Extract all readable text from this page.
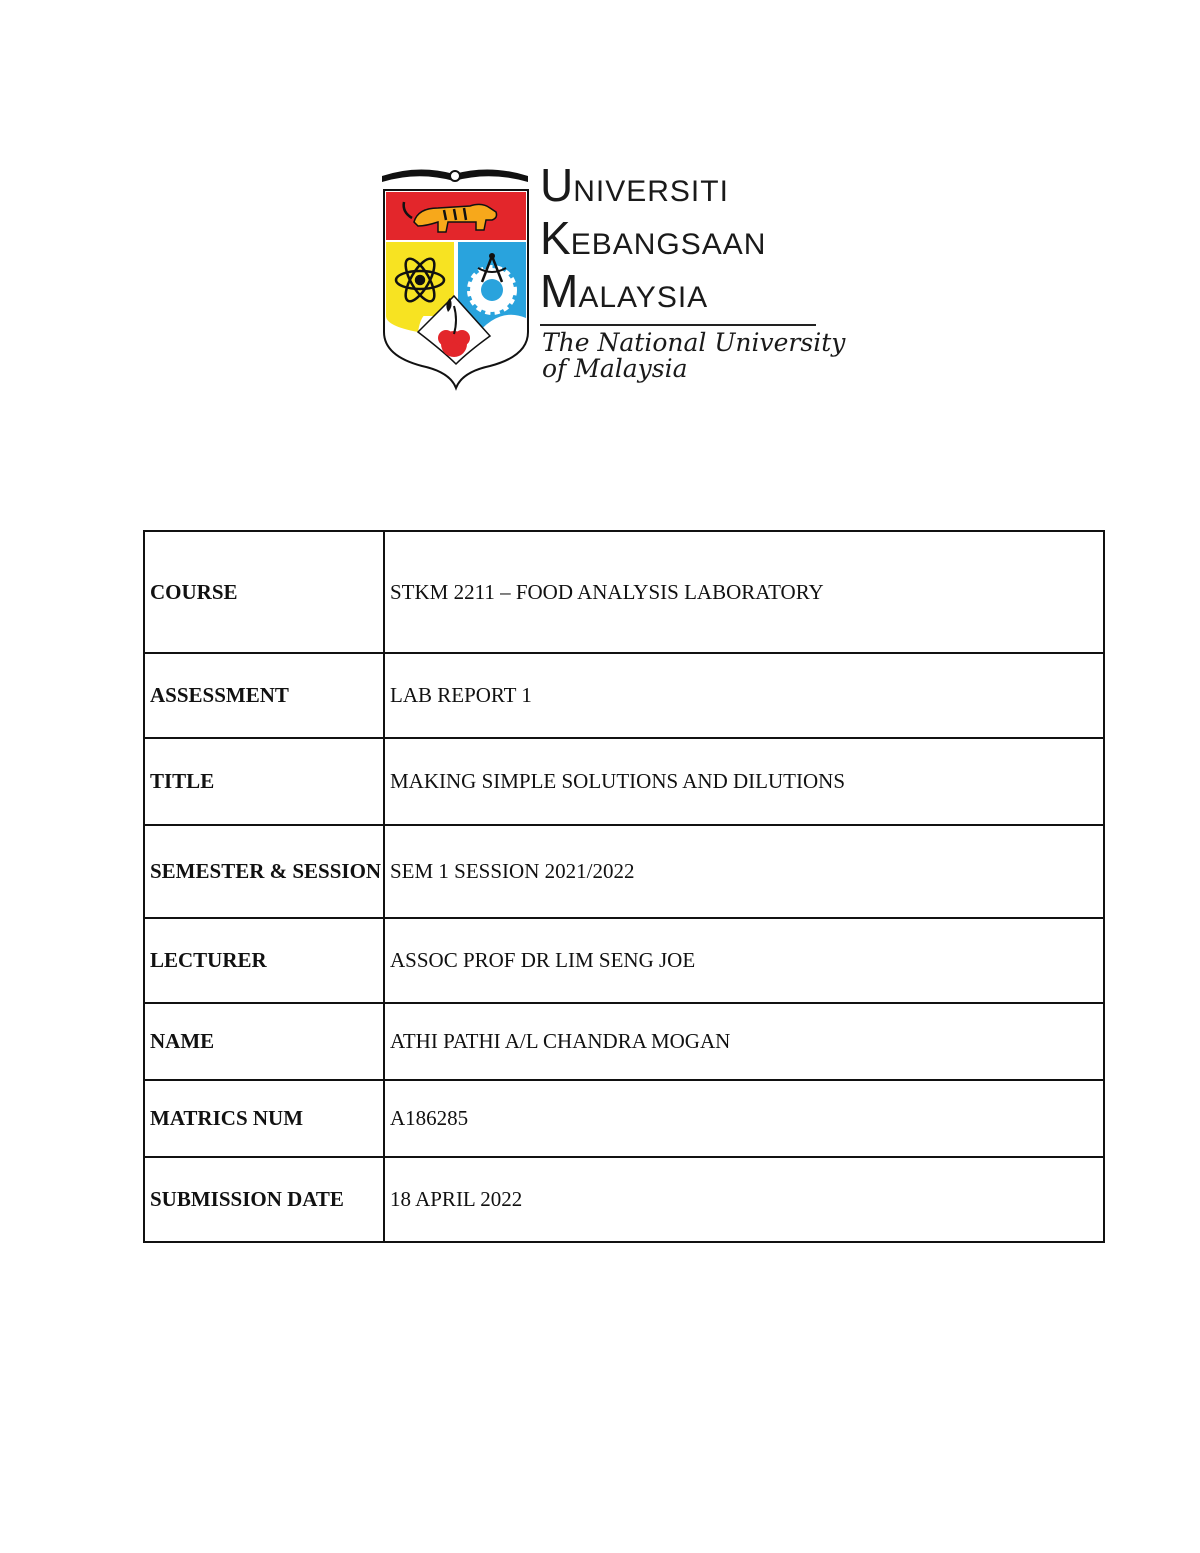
UNIVERSITI
KEBANGSAAN
MALAYSIA
The National University
of Malaysia
COURSE	STKM 2211 – FOOD ANALYSIS LABORATORY
ASSESSMENT	LAB REPORT 1
TITLE	MAKING SIMPLE SOLUTIONS AND DILUTIONS
SEMESTER & SESSION	SEM 1 SESSION 2021/2022
LECTURER	ASSOC PROF DR LIM SENG JOE
NAME	ATHI PATHI A/L CHANDRA MOGAN
MATRICS NUM	A186285
SUBMISSION DATE	18 APRIL 2022
